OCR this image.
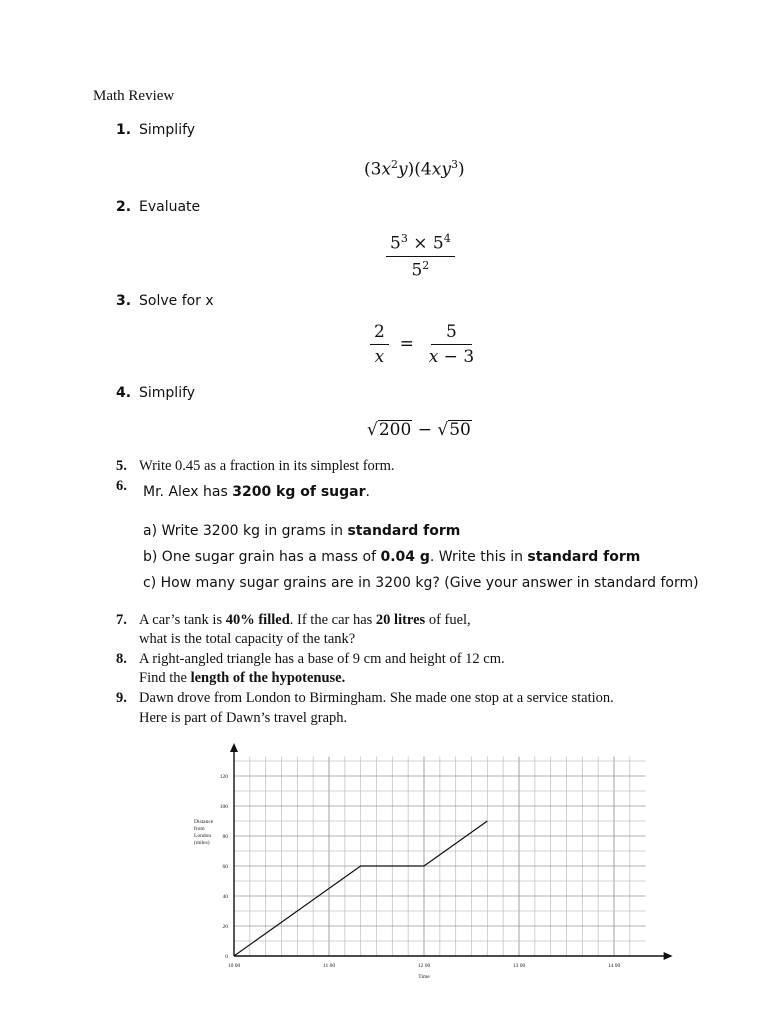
Math Review
1. Simplify
$(3x^2y)(4xy^3)$
2. Evaluate
$\frac{5^3 \times 5^4}{5^2}$
3. Solve for x
$\frac{2}{x} = \frac{5}{x - 3}$
4. Simplify
√200 − √50
5. Write 0.45 as a fraction in its simplest form.
6. Mr. Alex has 3200 kg of sugar.
a) Write 3200 kg in grams in standard form
b) One sugar grain has a mass of 0.04 g. Write this in standard form
c) How many sugar grains are in 3200 kg? (Give your answer in standard form)
7. A car’s tank is 40% filled. If the car has 20 litres of fuel,
what is the total capacity of the tank?
8. A right-angled triangle has a base of 9 cm and height of 12 cm.
Find the length of the hypotenuse.
9. Dawn drove from London to Birmingham. She made one stop at a service station.
Here is part of Dawn’s travel graph.
0
20
40
60
80
100
120
10 00	11 00	12 00	13 00	14 00
Distance
from
London
(miles)
Time
